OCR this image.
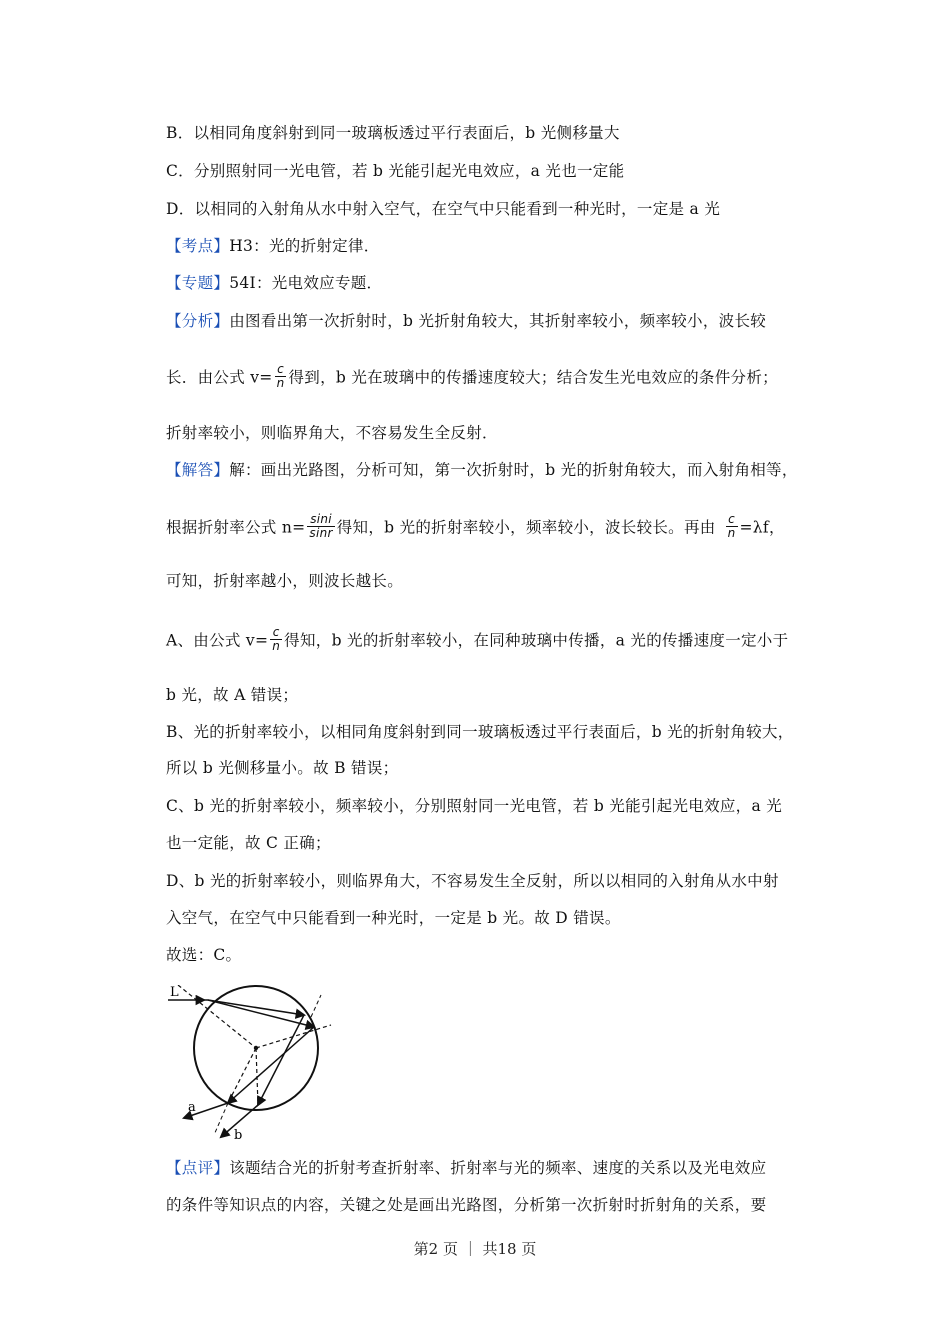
B．以相同角度斜射到同一玻璃板透过平行表面后，b 光侧移量大
C．分别照射同一光电管，若 b 光能引起光电效应，a 光也一定能
D．以相同的入射角从水中射入空气，在空气中只能看到一种光时，一定是 a 光
【考点】H3：光的折射定律．
【专题】54I：光电效应专题．
【分析】由图看出第一次折射时，b 光折射角较大，其折射率较小，频率较小，波长较
长．由公式 $v= \frac{c}{n}$ 得到，b 光在玻璃中的传播速度较大；结合发生光电效应的条件分析；
折射率较小，则临界角大，不容易发生全反射．
【解答】解：画出光路图，分析可知，第一次折射时，b 光的折射角较大，而入射角相等，
根据折射率公式 $n= \frac{\sin i}{\sin r}$ 得知，b 光的折射率较小，频率较小，波长较长。再由 $\frac{c}{n} =\lambda f$，
可知，折射率越小，则波长越长。
A、由公式 $v= \frac{c}{n}$ 得知，b 光的折射率较小，在同种玻璃中传播，a 光的传播速度一定小于
b 光，故 A 错误；
B、光的折射率较小，以相同角度斜射到同一玻璃板透过平行表面后，b 光的折射角较大，
所以 b 光侧移量小。故 B 错误；
C、b 光的折射率较小，频率较小，分别照射同一光电管，若 b 光能引起光电效应，a 光
也一定能，故 C 正确；
D、b 光的折射率较小，则临界角大，不容易发生全反射，所以以相同的入射角从水中射
入空气，在空气中只能看到一种光时，一定是 b 光。故 D 错误。
故选：C。
L
a
b
【点评】该题结合光的折射考查折射率、折射率与光的频率、速度的关系以及光电效应
的条件等知识点的内容，关键之处是画出光路图，分析第一次折射时折射角的关系，要
第2 页 ｜ 共18 页
